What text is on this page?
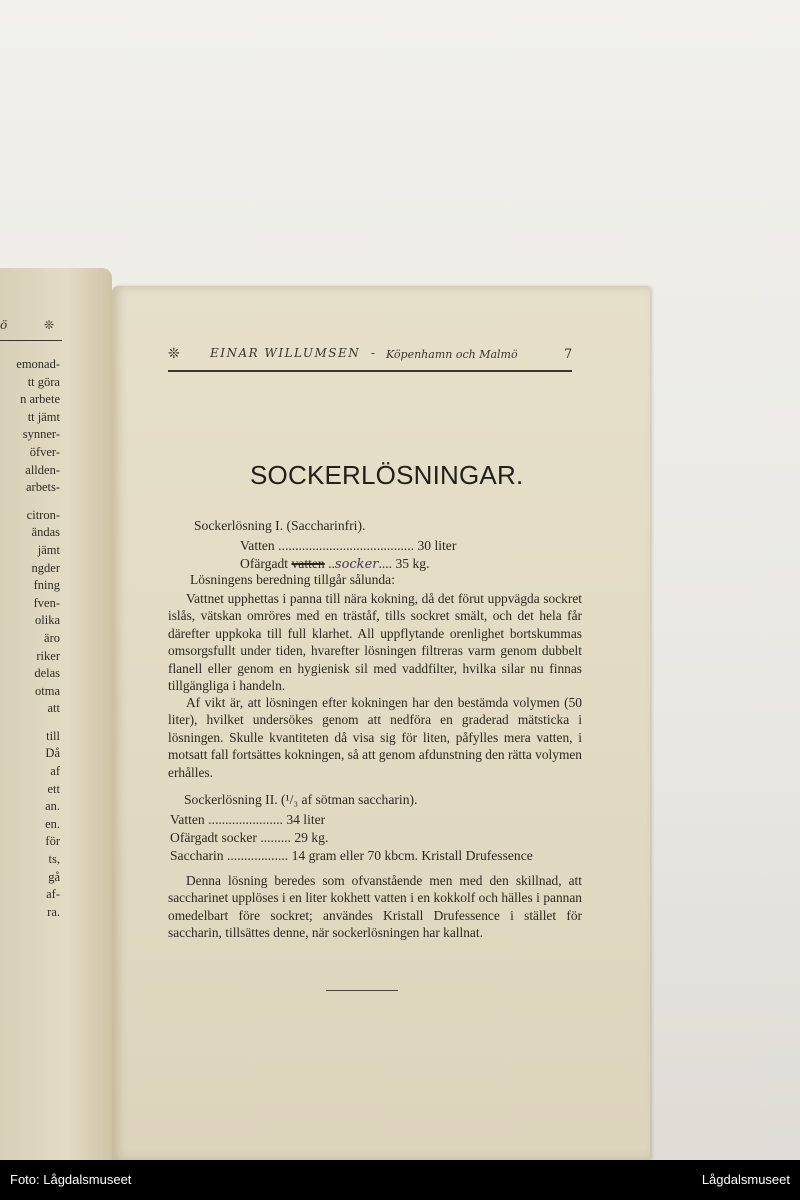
ö	❊
emonad-
tt göra
n arbete
tt jämt
synner-
öfver-
allden-
arbets-
citron-
ändas
jämt
ngder
fning
fven-
olika
äro
riker
delas
otma
att
till
Då
af
ett
an.
en.
för
ts,
gå
af-
ra.
❊	EINAR WILLUMSEN - Köpenhamn och Malmö	7
SOCKERLÖSNINGAR.
Sockerlösning I. (Saccharinfri).
Vatten ........................................ 30 liter
Ofärgadt vatten ..socker.... 35 kg.
Lösningens beredning tillgår sålunda:
Vattnet upphettas i panna till nära kokning, då det förut uppvägda sockret islås, vätskan omröres med en träståf, tills sockret smält, och det hela får därefter uppkoka till full klarhet. All uppflytande orenlighet bortskummas omsorgsfullt under tiden, hvarefter lösningen filtreras varm genom dubbelt flanell eller genom en hygienisk sil med vaddfilter, hvilka silar nu finnas tillgängliga i handeln.
Af vikt är, att lösningen efter kokningen har den bestämda volymen (50 liter), hvilket undersökes genom att nedföra en graderad mätsticka i lösningen. Skulle kvantiteten då visa sig för liten, påfylles mera vatten, i motsatt fall fortsättes kokningen, så att genom afdunstning den rätta volymen erhålles.
Sockerlösning II. (¹/₃ af sötman saccharin).
Vatten ...................... 34 liter
Ofärgadt socker ......... 29 kg.
Saccharin .................. 14 gram eller 70 kbcm. Kristall Drufessence
Denna lösning beredes som ofvanstående men med den skillnad, att saccharinet upplöses i en liter kokhett vatten i en kokkolf och hälles i pannan omedelbart före sockret; användes Kristall Drufessence i stället för saccharin, tillsättes denne, när sockerlösningen har kallnat.
Foto: Lågdalsmuseet	Lågdalsmuseet
